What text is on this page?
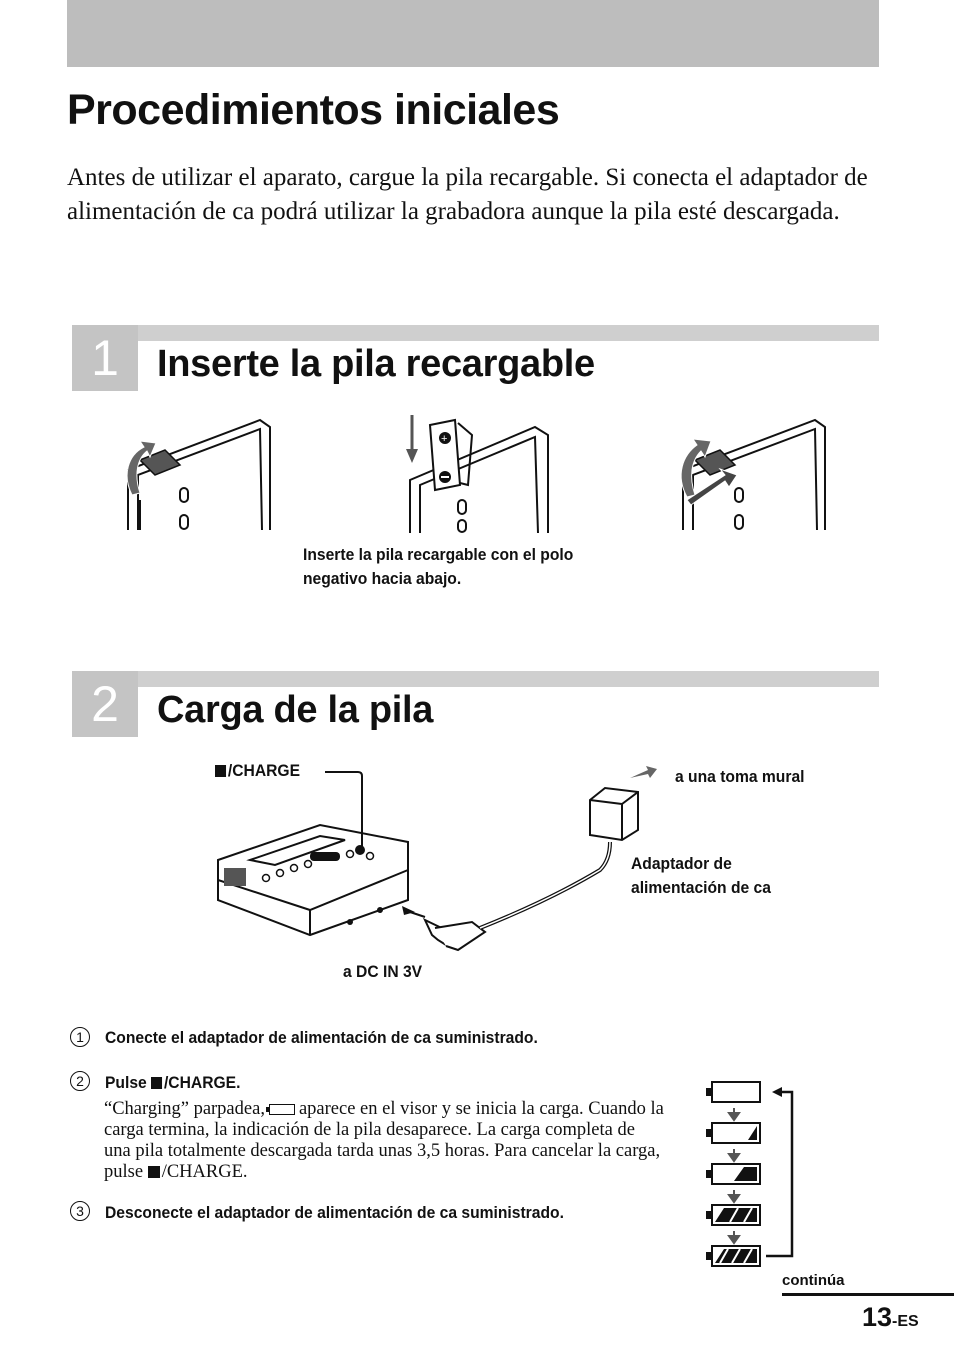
Procedimientos iniciales

Antes de utilizar el aparato, cargue la pila recargable. Si conecta el adaptador de alimentación de ca podrá utilizar la grabadora aunque la pila esté descargada.

1	Inserte la pila recargable
+
Inserte la pila recargable con el polo negativo hacia abajo.
2	Carga de la pila
/CHARGE	a una toma mural
Adaptador de
alimentación de ca
a DC IN 3V
1	Conecte el adaptador de alimentación de ca suministrado.
2	Pulse /CHARGE.
“Charging” parpadea, aparece en el visor y se inicia la carga. Cuando la carga termina, la indicación de la pila desaparece. La carga completa de una pila totalmente descargada tarda unas 3,5 horas. Para cancelar la carga, pulse /CHARGE.
3	Desconecte el adaptador de alimentación de ca suministrado.
continúa
13-ES
